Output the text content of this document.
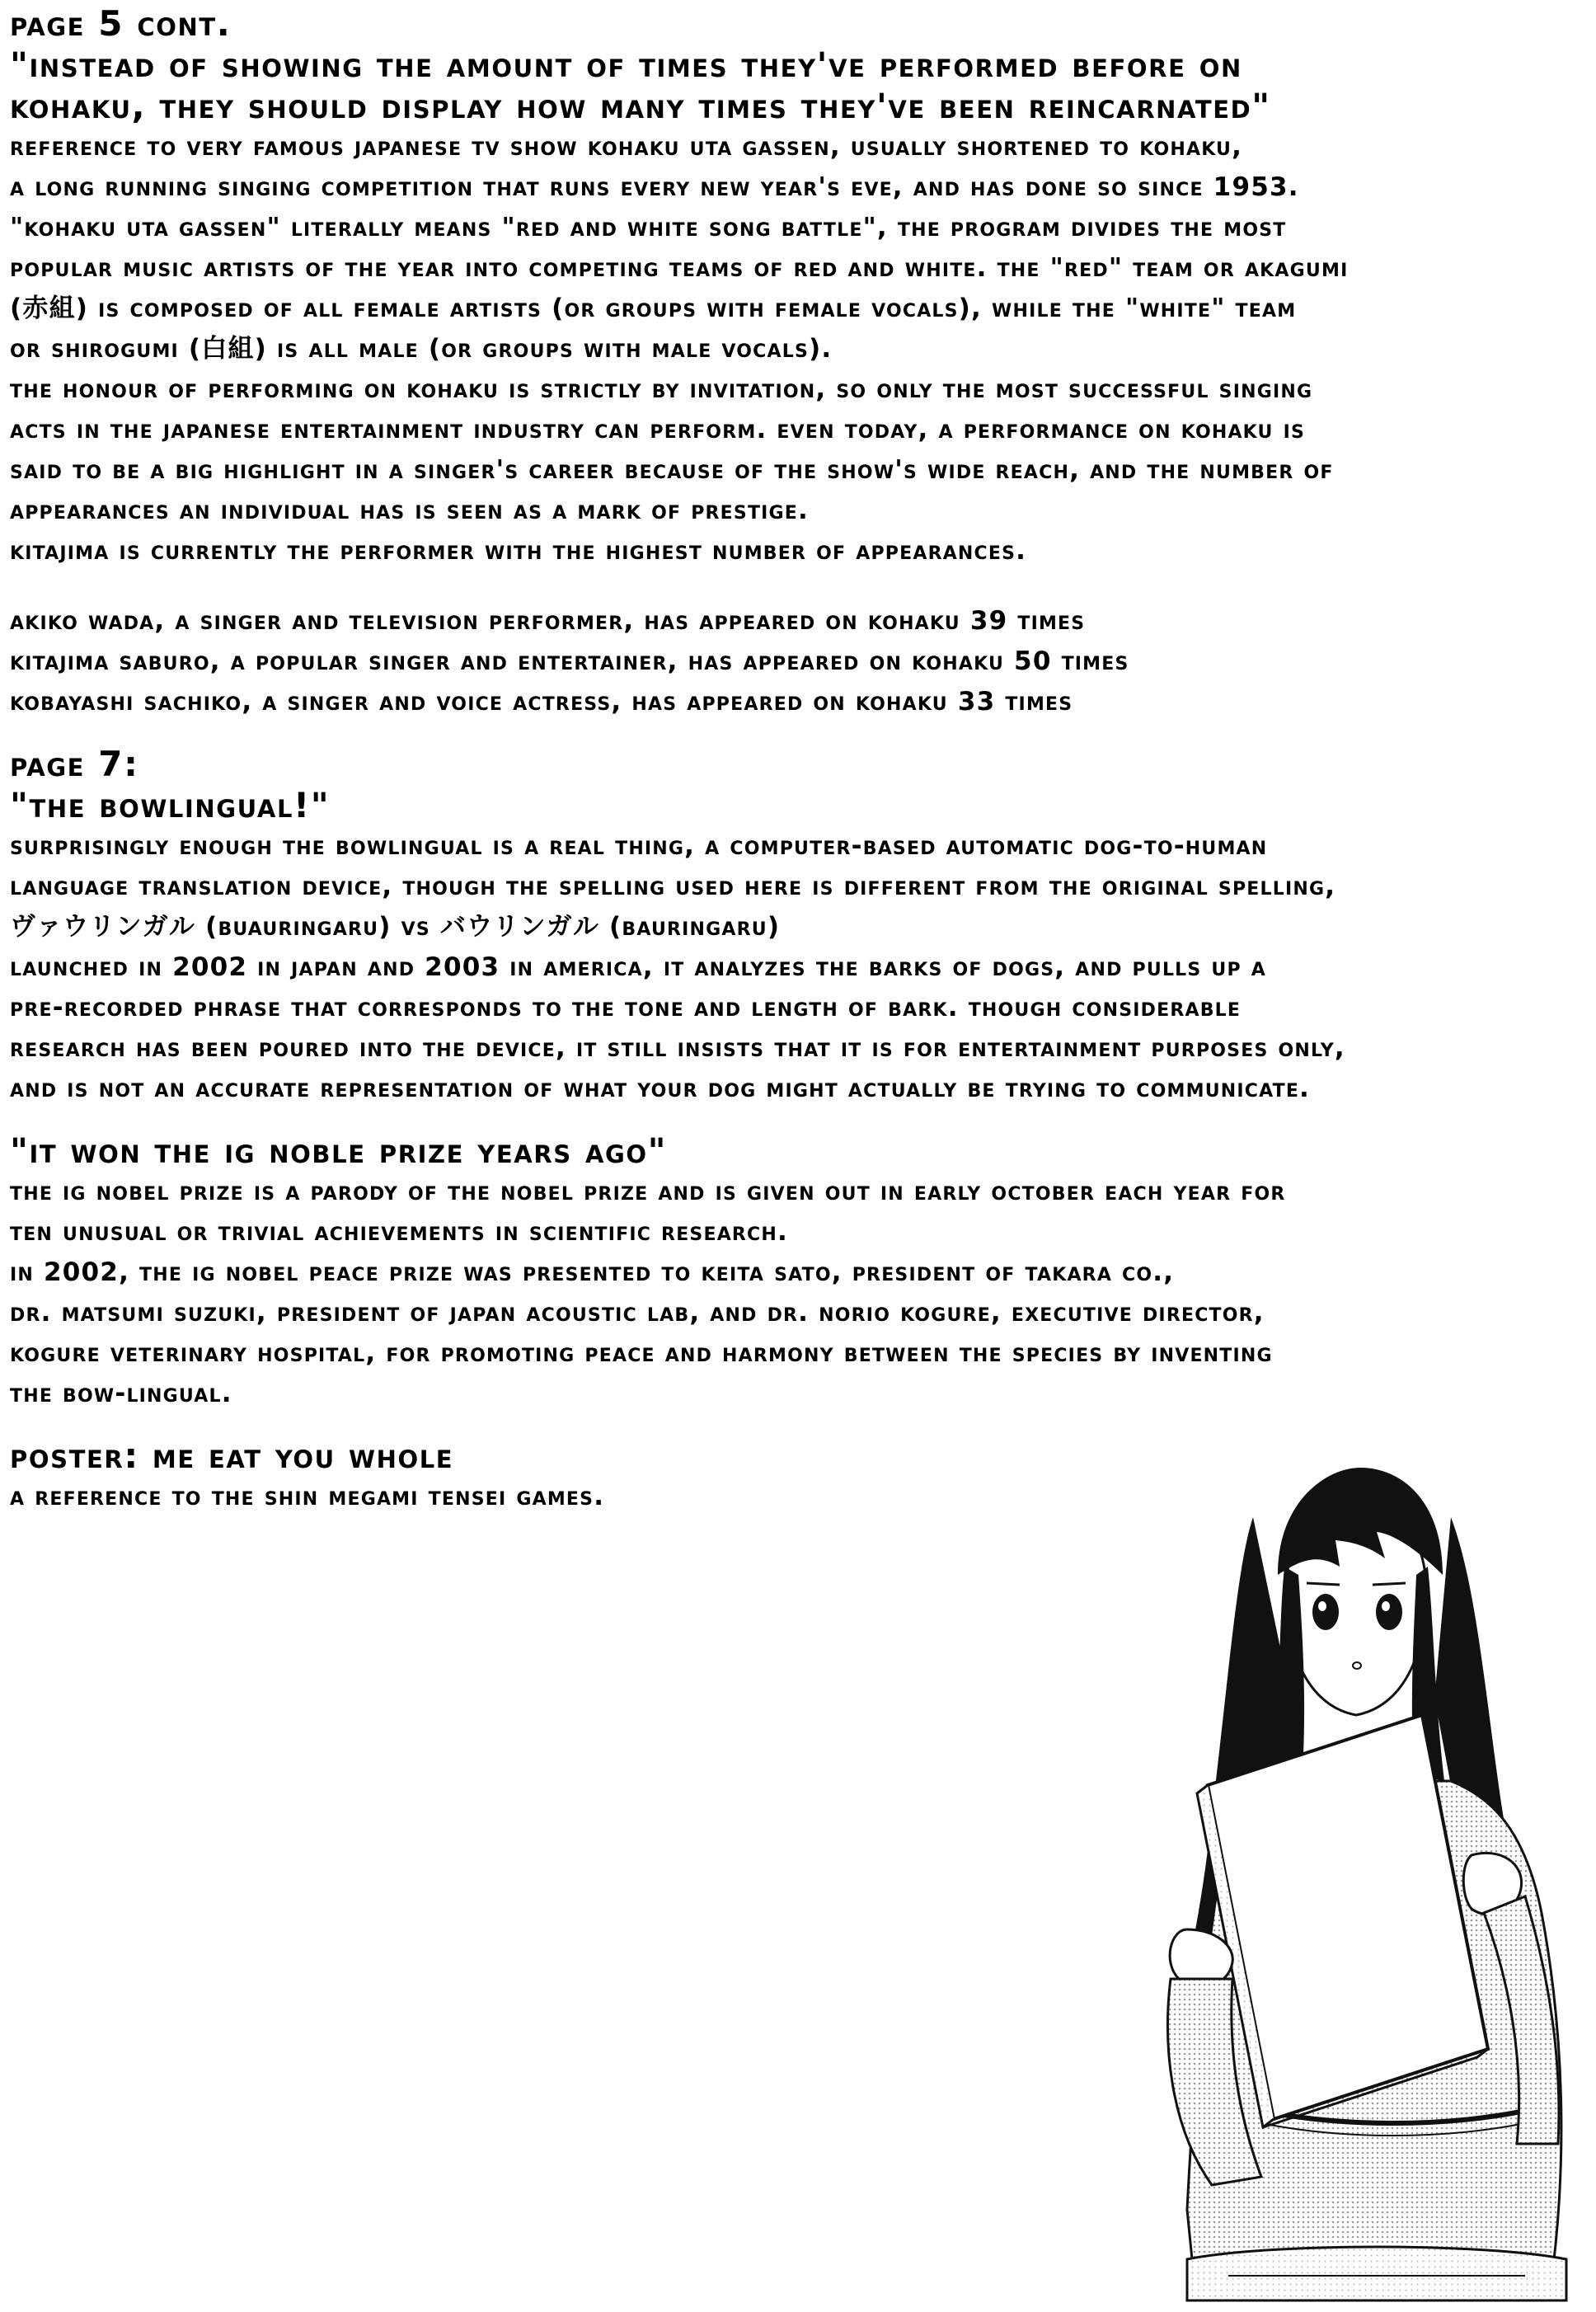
page 5 cont.
"instead of showing the amount of times they've performed before on
kohaku, they should display how many times they've been reincarnated"

reference to very famous japanese tv show kohaku uta gassen, usually shortened to kohaku,

a long running singing competition that runs every new year's eve, and has done so since 1953.

"kohaku uta gassen" literally means "red and white song battle", the program divides the most

popular music artists of the year into competing teams of red and white. the "red" team or akagumi

(赤組) is composed of all female artists (or groups with female vocals), while the "white" team

or shirogumi (白組) is all male (or groups with male vocals).

the honour of performing on kohaku is strictly by invitation, so only the most successful singing

acts in the japanese entertainment industry can perform. even today, a performance on kohaku is

said to be a big highlight in a singer's career because of the show's wide reach, and the number of

appearances an individual has is seen as a mark of prestige.

kitajima is currently the performer with the highest number of appearances.

akiko wada, a singer and television performer, has appeared on kohaku 39 times

kitajima saburo, a popular singer and entertainer, has appeared on kohaku 50 times

kobayashi sachiko, a singer and voice actress, has appeared on kohaku 33 times

page 7:
"the bowlingual!"

surprisingly enough the bowlingual is a real thing, a computer-based automatic dog-to-human

language translation device, though the spelling used here is different from the original spelling,

ヴァウリンガル (buauringaru) vs バウリンガル (bauringaru)

launched in 2002 in japan and 2003 in america, it analyzes the barks of dogs, and pulls up a

pre-recorded phrase that corresponds to the tone and length of bark. though considerable

research has been poured into the device, it still insists that it is for entertainment purposes only,

and is not an accurate representation of what your dog might actually be trying to communicate.

"it won the ig noble prize years ago"

the ig nobel prize is a parody of the nobel prize and is given out in early october each year for

ten unusual or trivial achievements in scientific research.

in 2002, the ig nobel peace prize was presented to keita sato, president of takara co.,

dr. matsumi suzuki, president of japan acoustic lab, and dr. norio kogure, executive director,

kogure veterinary hospital, for promoting peace and harmony between the species by inventing

the bow-lingual.

poster: me eat you whole

a reference to the shin megami tensei games.
